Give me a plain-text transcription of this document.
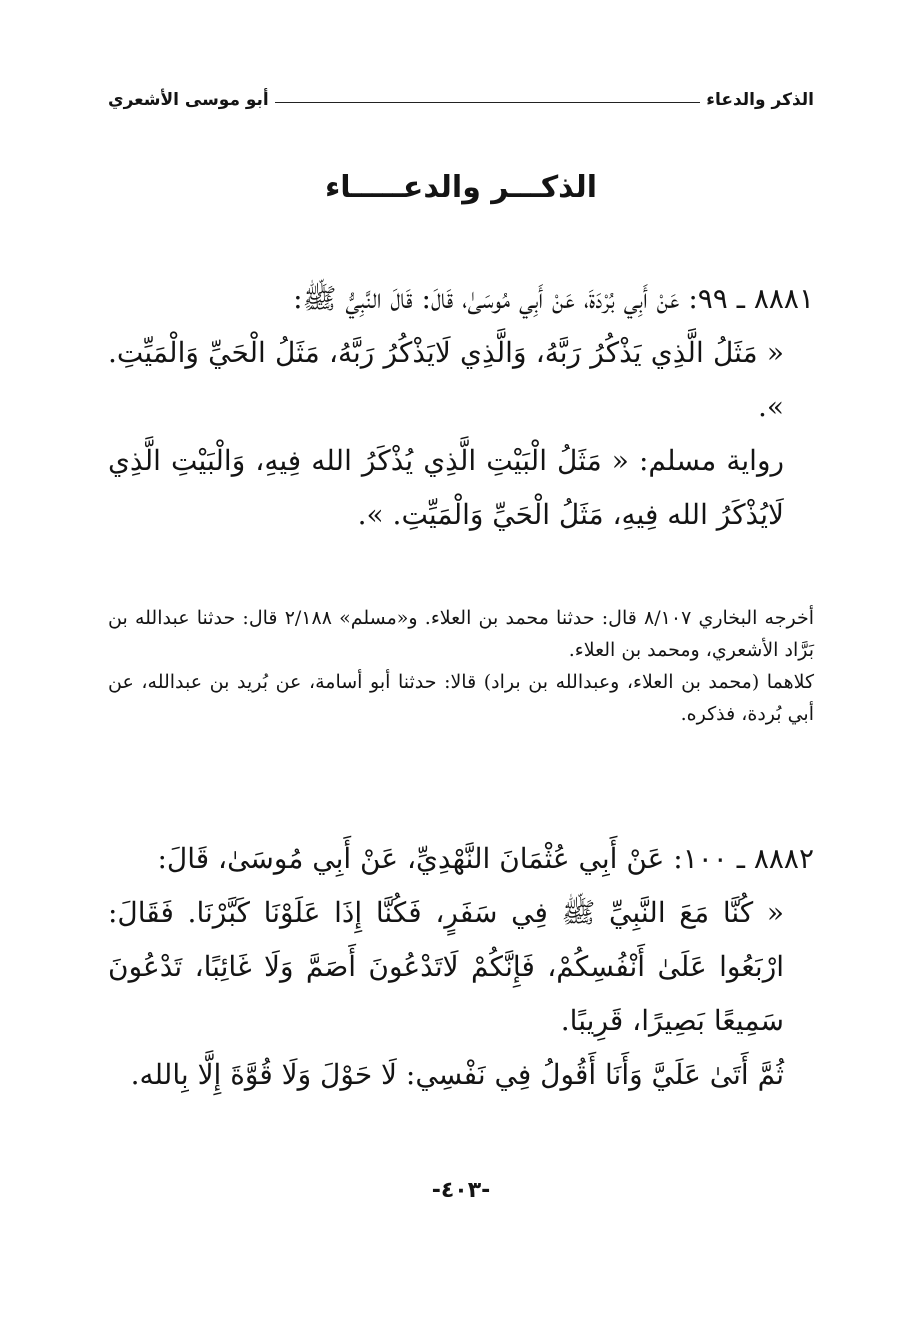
الذكر والدعاء
أبو موسى الأشعري
الذكـــر والدعـــــاء

٨٨٨١ ـ ٩٩: عَنْ أَبِي بُرْدَةَ، عَنْ أَبِي مُوسَىٰ، قَالَ: قَالَ النَّبِيُّ ﷺ:

« مَثَلُ الَّذِي يَذْكُرُ رَبَّهُ، وَالَّذِي لَايَذْكُرُ رَبَّهُ، مَثَلُ الْحَيِّ وَالْمَيِّتِ. ».

رواية مسلم: « مَثَلُ الْبَيْتِ الَّذِي يُذْكَرُ الله فِيهِ، وَالْبَيْتِ الَّذِي لَايُذْكَرُ الله فِيهِ، مَثَلُ الْحَيِّ وَالْمَيِّتِ. ».

أخرجه البخاري ٨/١٠٧ قال: حدثنا محمد بن العلاء. و«مسلم» ٢/١٨٨ قال: حدثنا عبدالله بن بَرَّاد الأشعري، ومحمد بن العلاء.

كلاهما (محمد بن العلاء، وعبدالله بن براد) قالا: حدثنا أبو أسامة، عن بُريد بن عبدالله، عن أبي بُردة، فذكره.

٨٨٨٢ ـ ١٠٠: عَنْ أَبِي عُثْمَانَ النَّهْدِيِّ، عَنْ أَبِي مُوسَىٰ، قَالَ:

« كُنَّا مَعَ النَّبِيِّ ﷺ فِي سَفَرٍ، فَكُنَّا إِذَا عَلَوْنَا كَبَّرْنَا. فَقَالَ: ارْبَعُوا عَلَىٰ أَنْفُسِكُمْ، فَإِنَّكُمْ لَاتَدْعُونَ أَصَمَّ وَلَا غَائِبًا، تَدْعُونَ سَمِيعًا بَصِيرًا، قَرِيبًا.

ثُمَّ أَتَىٰ عَلَيَّ وَأَنَا أَقُولُ فِي نَفْسِي: لَا حَوْلَ وَلَا قُوَّةَ إِلَّا بِالله.

-٤٠٣-
